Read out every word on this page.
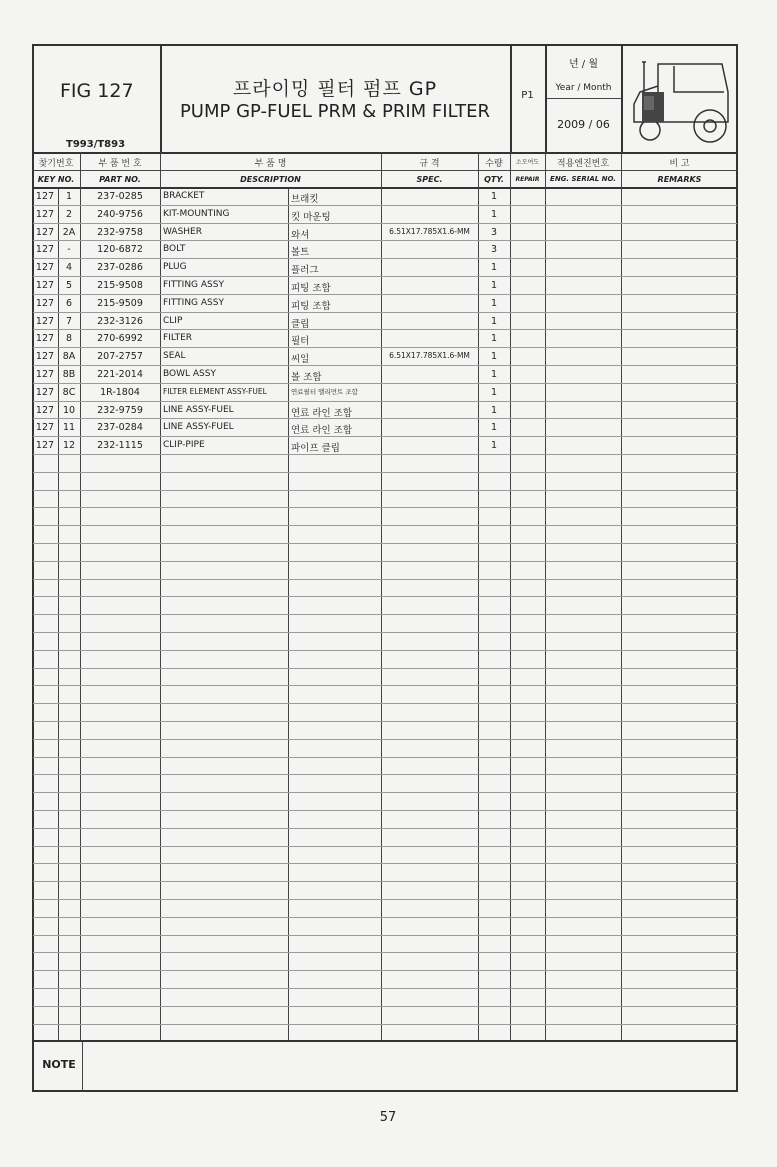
FIG 127
T993/T893
프라이밍 필터 펌프 GP
PUMP GP-FUEL PRM & PRIM FILTER
P1
년 / 월
Year / Month
2009 / 06
찾기번호
KEY NO.
부 품 번 호
PART NO.
부 품 명
DESCRIPTION
규 격
SPEC.
수량
QTY.
소모여도
REPAIR
적용엔진번호
ENG. SERIAL NO.
비 고
REMARKS
127	1	237-0285	BRACKET	브래킷	1
127	2	240-9756	KIT-MOUNTING	킷 마운팅	1
127 2A	232-9758	WASHER	와셔	6.51X17.785X1.6-MM	3
127	-	120-6872	BOLT	볼트	3
127	4	237-0286	PLUG	플러그	1
127	5	215-9508	FITTING ASSY	피팅 조합	1
127	6	215-9509	FITTING ASSY	피팅 조합	1
127	7	232-3126	CLIP	클립	1
127	8	270-6992	FILTER	필터	1
127 8A	207-2757	SEAL	씨일	6.51X17.785X1.6-MM	1
127 8B	221-2014	BOWL ASSY	볼 조합	1
127 8C	1R-1804	FILTER ELEMENT ASSY-FUEL	연료필터 엘리먼트 조합	1
127 10	232-9759	LINE ASSY-FUEL	연료 라인 조합	1
127 11	237-0284	LINE ASSY-FUEL	연료 라인 조합	1
127 12	232-1115	CLIP-PIPE	파이프 클립	1
NOTE
57
